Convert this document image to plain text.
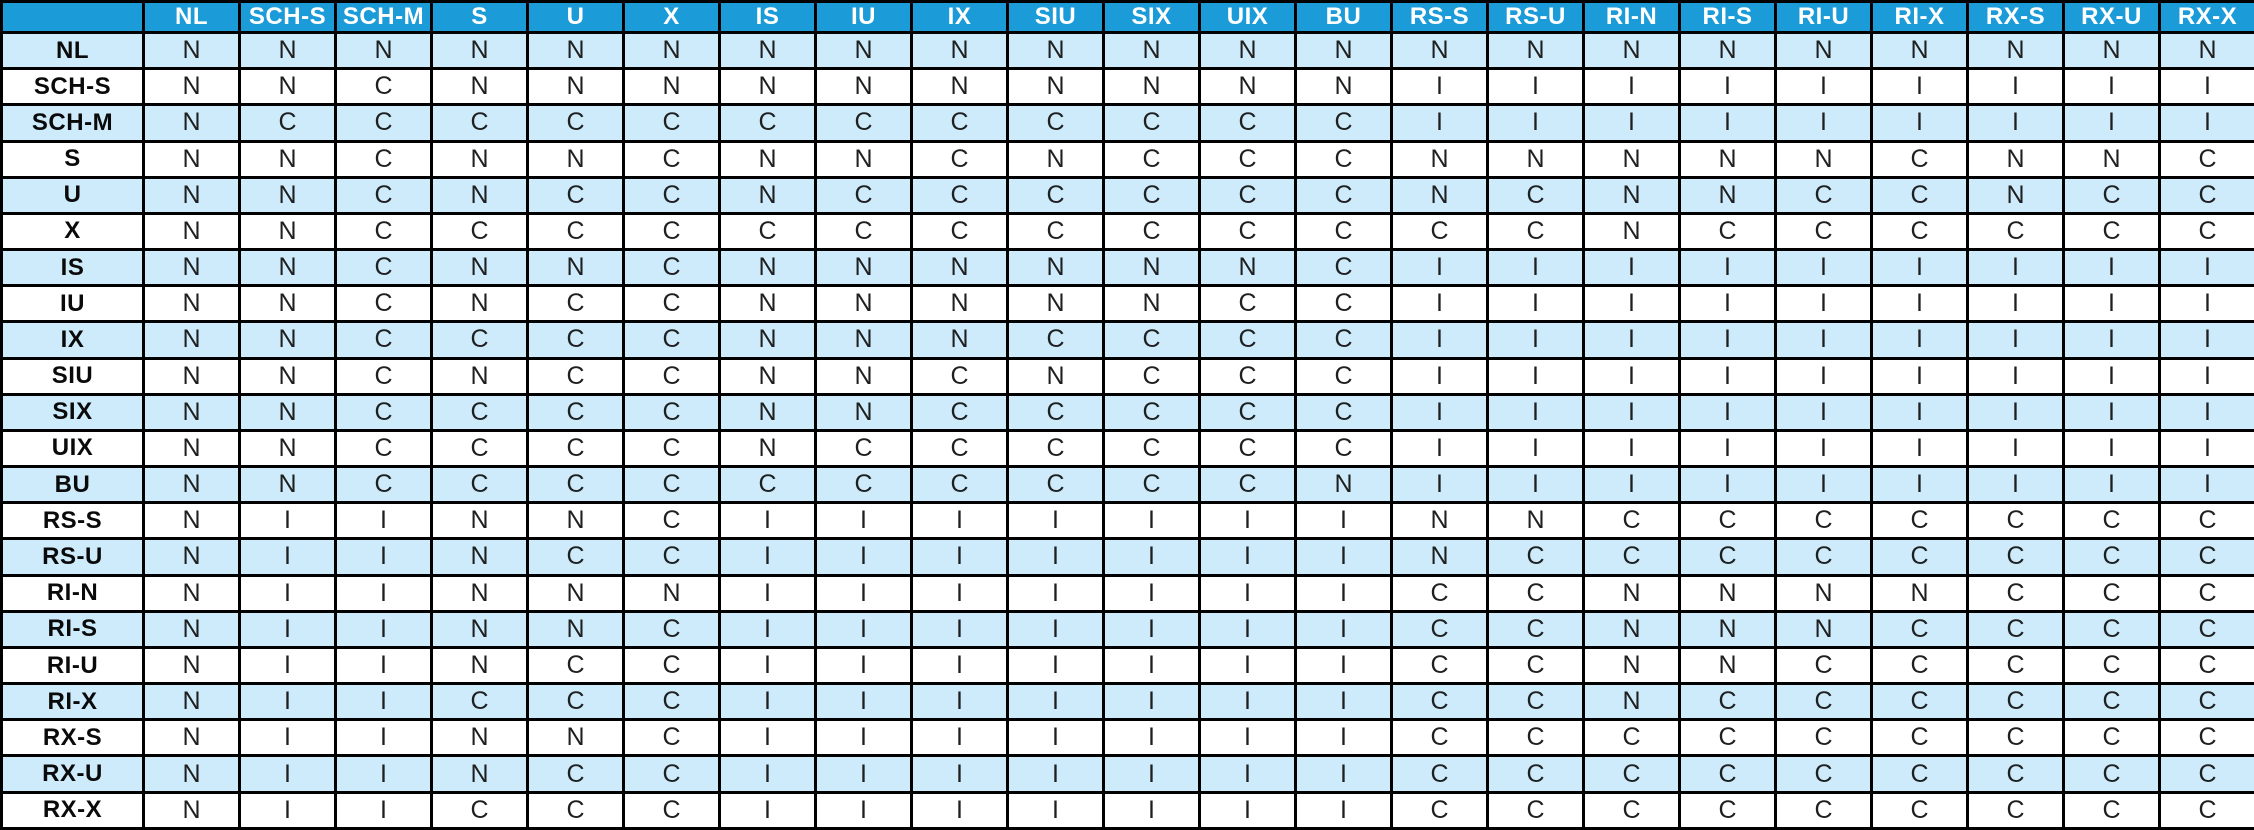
	NL	SCH-S	SCH-M	S	U	X	IS	IU	IX	SIU	SIX	UIX	BU	RS-S	RS-U	RI-N	RI-S	RI-U	RI-X	RX-S	RX-U	RX-X
NL	N	N	N	N	N	N	N	N	N	N	N	N	N	N	N	N	N	N	N	N	N	N
SCH-S	N	N	C	N	N	N	N	N	N	N	N	N	N	I	I	I	I	I	I	I	I	I
SCH-M	N	C	C	C	C	C	C	C	C	C	C	C	C	I	I	I	I	I	I	I	I	I
S	N	N	C	N	N	C	N	N	C	N	C	C	C	N	N	N	N	N	C	N	N	C
U	N	N	C	N	C	C	N	C	C	C	C	C	C	N	C	N	N	C	C	N	C	C
X	N	N	C	C	C	C	C	C	C	C	C	C	C	C	C	N	C	C	C	C	C	C
IS	N	N	C	N	N	C	N	N	N	N	N	N	C	I	I	I	I	I	I	I	I	I
IU	N	N	C	N	C	C	N	N	N	N	N	C	C	I	I	I	I	I	I	I	I	I
IX	N	N	C	C	C	C	N	N	N	C	C	C	C	I	I	I	I	I	I	I	I	I
SIU	N	N	C	N	C	C	N	N	C	N	C	C	C	I	I	I	I	I	I	I	I	I
SIX	N	N	C	C	C	C	N	N	C	C	C	C	C	I	I	I	I	I	I	I	I	I
UIX	N	N	C	C	C	C	N	C	C	C	C	C	C	I	I	I	I	I	I	I	I	I
BU	N	N	C	C	C	C	C	C	C	C	C	C	N	I	I	I	I	I	I	I	I	I
RS-S	N	I	I	N	N	C	I	I	I	I	I	I	I	N	N	C	C	C	C	C	C	C
RS-U	N	I	I	N	C	C	I	I	I	I	I	I	I	N	C	C	C	C	C	C	C	C
RI-N	N	I	I	N	N	N	I	I	I	I	I	I	I	C	C	N	N	N	N	C	C	C
RI-S	N	I	I	N	N	C	I	I	I	I	I	I	I	C	C	N	N	N	C	C	C	C
RI-U	N	I	I	N	C	C	I	I	I	I	I	I	I	C	C	N	N	C	C	C	C	C
RI-X	N	I	I	C	C	C	I	I	I	I	I	I	I	C	C	N	C	C	C	C	C	C
RX-S	N	I	I	N	N	C	I	I	I	I	I	I	I	C	C	C	C	C	C	C	C	C
RX-U	N	I	I	N	C	C	I	I	I	I	I	I	I	C	C	C	C	C	C	C	C	C
RX-X	N	I	I	C	C	C	I	I	I	I	I	I	I	C	C	C	C	C	C	C	C	C
